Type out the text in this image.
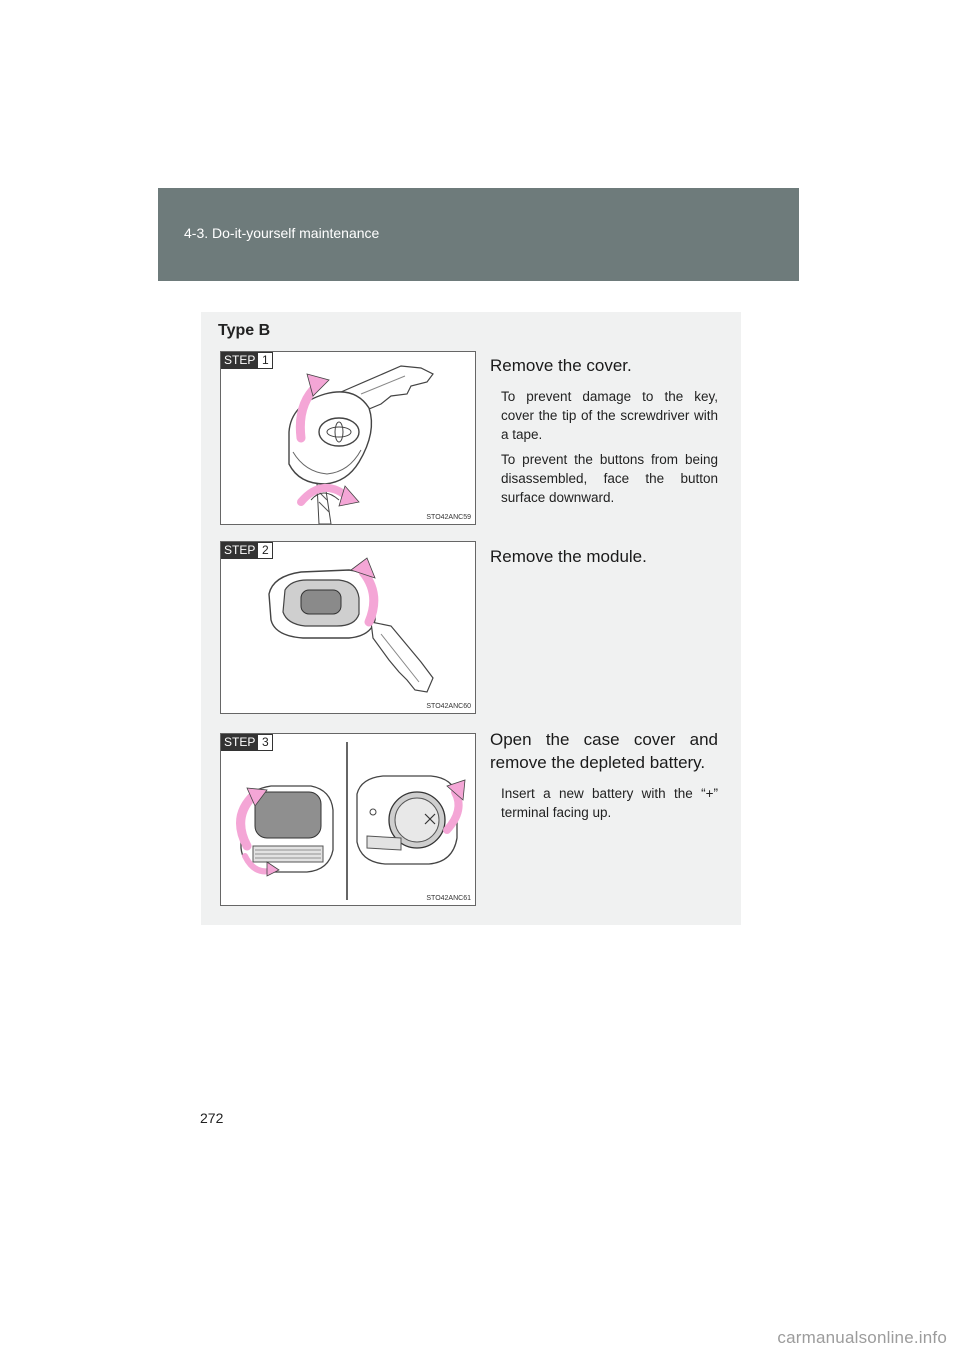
4-3. Do-it-yourself maintenance
Type B
STEP 1
STO42ANC59

Remove the cover.

To prevent damage to the key, cover the tip of the screwdriver with a tape.

To prevent the buttons from being disassembled, face the button surface downward.

STEP 2
STO42ANC60

Remove the module.

STEP 3
STO42ANC61

Open the case cover and remove the depleted battery.

Insert a new battery with the “+” terminal facing up.

272
carmanualsonline.info
